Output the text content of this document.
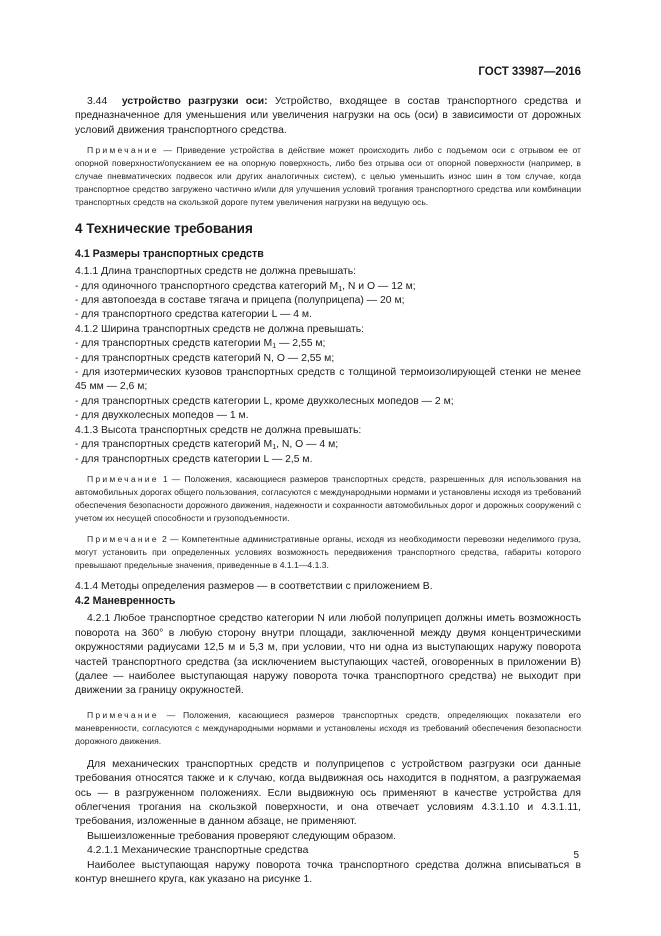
ГОСТ 33987—2016

3.44 устройство разгрузки оси: Устройство, входящее в состав транспортного средства и предназначенное для уменьшения или увеличения нагрузки на ось (оси) в зависимости от дорожных условий движения транспортного средства.

Примечание — Приведение устройства в действие может происходить либо с подъемом оси с отрывом ее от опорной поверхности/опусканием ее на опорную поверхность, либо без отрыва оси от опорной поверхности (например, в случае пневматических подвесок или других аналогичных систем), с целью уменьшить износ шин в том случае, когда транспортное средство загружено частично и/или для улучшения условий трогания транспортного средства или комбинации транспортных средств на скользкой дороге путем увеличения нагрузки на ведущую ось.

4 Технические требования
4.1 Размеры транспортных средств

4.1.1 Длина транспортных средств не должна превышать:
- для одиночного транспортного средства категорий $M_1$, N и O — 12 м;
- для автопоезда в составе тягача и прицепа (полуприцепа) — 20 м;
- для транспортного средства категории L — 4 м.

4.1.2 Ширина транспортных средств не должна превышать:
- для транспортных средств категории $M_1$ — 2,55 м;
- для транспортных средств категорий N, O — 2,55 м;

- для изотермических кузовов транспортных средств с толщиной термоизолирующей стенки не менее 45 мм — 2,6 м;

- для транспортных средств категории L, кроме двухколесных мопедов — 2 м;
- для двухколесных мопедов — 1 м.

4.1.3 Высота транспортных средств не должна превышать:
- для транспортных средств категорий $M_1$, N, O — 4 м;
- для транспортных средств категории L — 2,5 м.

Примечание 1 — Положения, касающиеся размеров транспортных средств, разрешенных для использования на автомобильных дорогах общего пользования, согласуются с международными нормами и установлены исходя из требований обеспечения безопасности дорожного движения, надежности и сохранности автомобильных дорог и дорожных сооружений с учетом их несущей способности и грузоподъемности.

Примечание 2 — Компетентные административные органы, исходя из необходимости перевозки неделимого груза, могут установить при определенных условиях возможность передвижения транспортного средства, габариты которого превышают предельные значения, приведенные в 4.1.1—4.1.3.

4.1.4 Методы определения размеров — в соответствии с приложением В.

4.2 Маневренность

4.2.1 Любое транспортное средство категории N или любой полуприцеп должны иметь возможность поворота на 360° в любую сторону внутри площади, заключенной между двумя концентрическими окружностями радиусами 12,5 м и 5,3 м, при условии, что ни одна из выступающих наружу поворота частей транспортного средства (за исключением выступающих частей, оговоренных в приложении В) (далее — наиболее выступающая наружу поворота точка транспортного средства) не выходит при движении за границу окружностей.

Примечание — Положения, касающиеся размеров транспортных средств, определяющих показатели его маневренности, согласуются с международными нормами и установлены исходя из требований обеспечения безопасности дорожного движения.

Для механических транспортных средств и полуприцепов с устройством разгрузки оси данные требования относятся также и к случаю, когда выдвижная ось находится в поднятом, а разгружаемая ось — в разгруженном положениях. Если выдвижную ось применяют в качестве устройства для облегчения трогания на скользкой поверхности, и она отвечает условиям 4.3.1.10 и 4.3.1.11, требования, изложенные в данном абзаце, не применяют.

Вышеизложенные требования проверяют следующим образом.

4.2.1.1 Механические транспортные средства

Наиболее выступающая наружу поворота точка транспортного средства должна вписываться в контур внешнего круга, как указано на рисунке 1.

5
